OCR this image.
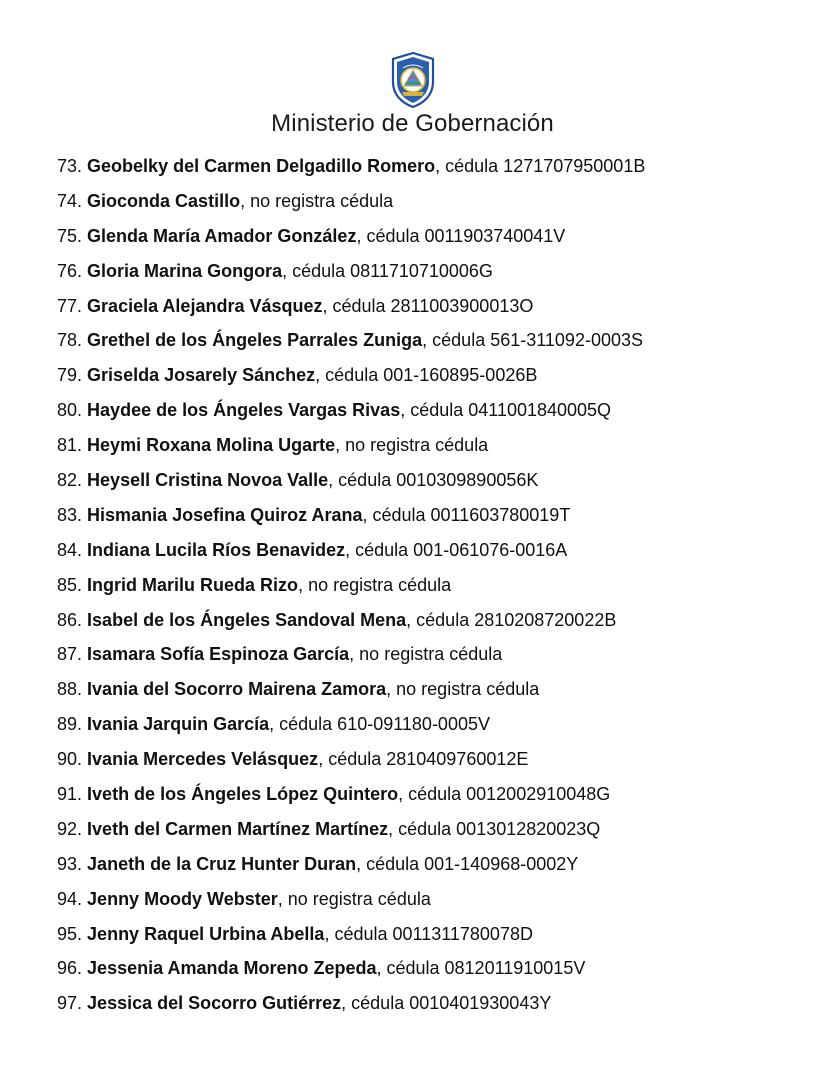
Ministerio de Gobernación
73. Geobelky del Carmen Delgadillo Romero, cédula 1271707950001B
74. Gioconda Castillo, no registra cédula
75. Glenda María Amador González, cédula 0011903740041V
76. Gloria Marina Gongora, cédula 0811710710006G
77. Graciela Alejandra Vásquez, cédula 2811003900013O
78. Grethel de los Ángeles Parrales Zuniga, cédula 561-311092-0003S
79. Griselda Josarely Sánchez, cédula 001-160895-0026B
80. Haydee de los Ángeles Vargas Rivas, cédula 0411001840005Q
81. Heymi Roxana Molina Ugarte, no registra cédula
82. Heysell Cristina Novoa Valle, cédula 0010309890056K
83. Hismania Josefina Quiroz Arana, cédula 0011603780019T
84. Indiana Lucila Ríos Benavidez, cédula 001-061076-0016A
85. Ingrid Marilu Rueda Rizo, no registra cédula
86. Isabel de los Ángeles Sandoval Mena, cédula 2810208720022B
87. Isamara Sofía Espinoza García, no registra cédula
88. Ivania del Socorro Mairena Zamora, no registra cédula
89. Ivania Jarquin García, cédula 610-091180-0005V
90. Ivania Mercedes Velásquez, cédula 2810409760012E
91. Iveth de los Ángeles López Quintero, cédula 0012002910048G
92. Iveth del Carmen Martínez Martínez, cédula 0013012820023Q
93. Janeth de la Cruz Hunter Duran, cédula 001-140968-0002Y
94. Jenny Moody Webster, no registra cédula
95. Jenny Raquel Urbina Abella, cédula 0011311780078D
96. Jessenia Amanda Moreno Zepeda, cédula 0812011910015V
97. Jessica del Socorro Gutiérrez, cédula 0010401930043Y
